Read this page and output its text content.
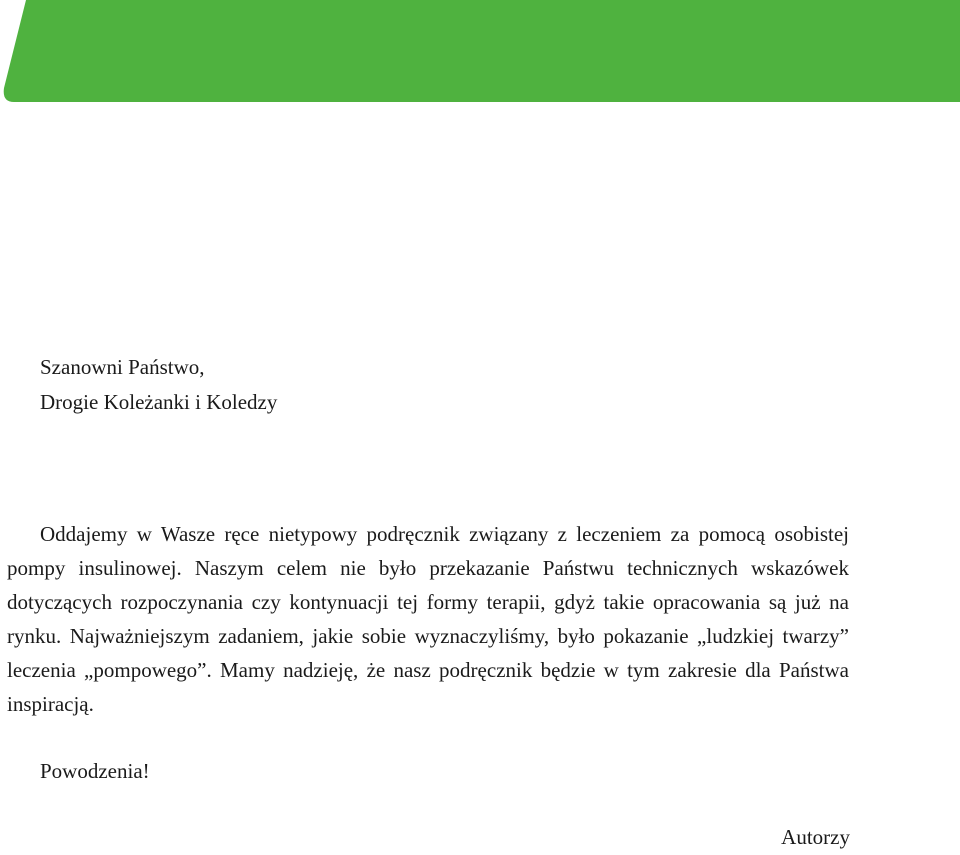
Szanowni Państwo,

Drogie Koleżanki i Koledzy

Oddajemy w Wasze ręce nietypowy podręcznik związany z leczeniem za pomocą osobistej pompy insulinowej. Naszym celem nie było przekazanie Państwu technicznych wskazówek dotyczących rozpoczynania czy kontynuacji tej formy terapii, gdyż takie opracowania są już na rynku. Najważniejszym zadaniem, jakie sobie wyznaczyliśmy, było pokazanie „ludzkiej twarzy” leczenia „pompowego”. Mamy nadzieję, że nasz podręcznik będzie w tym zakresie dla Państwa inspiracją.

Powodzenia!

Autorzy
